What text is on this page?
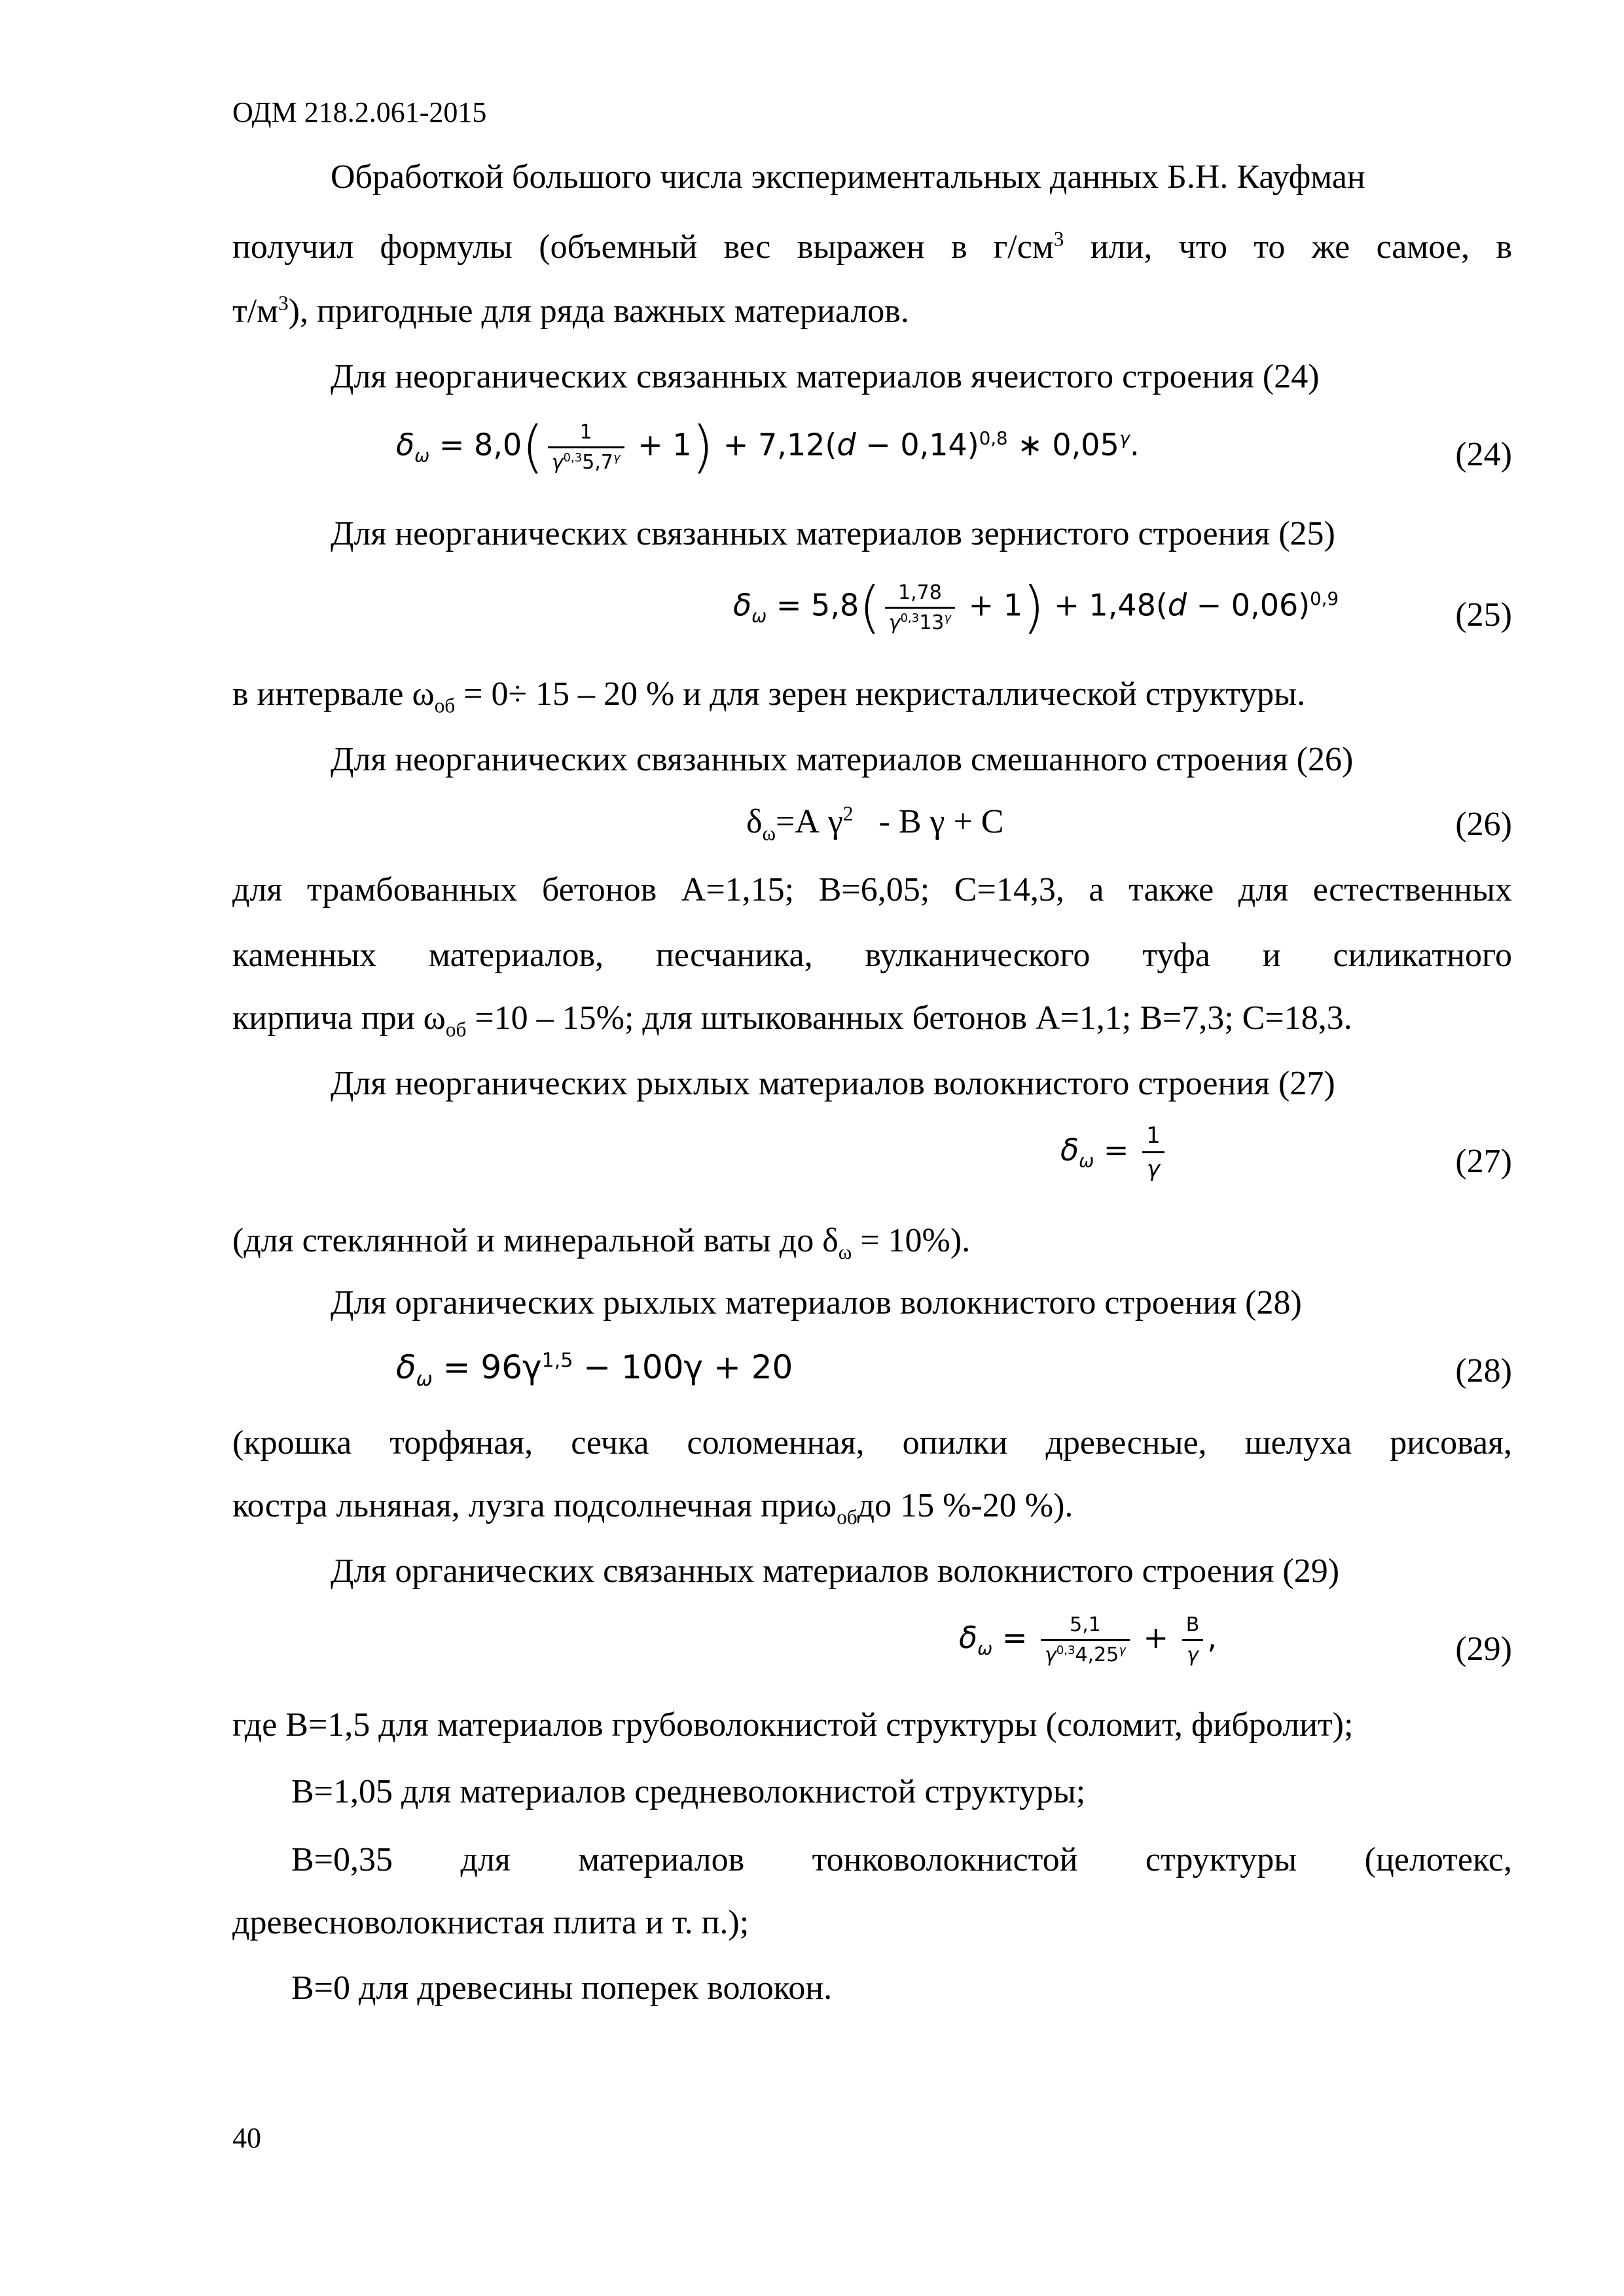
ОДМ 218.2.061-2015
Обработкой большого числа экспериментальных данных Б.Н. Кауфман
получил формулы (объемный вес выражен в $г/см^3$ или, что то же самое, в
$т/м^3$), пригодные для ряда важных материалов.
Для неорганических связанных материалов ячеистого строения (24)
$\delta_\omega = 8,0( \frac{1}{\gamma^{0,3}5,7^\gamma} + 1) + 7,12(d - 0,14)^{0,8}$ ∗ $0,05^\gamma$.	(24)
Для неорганических связанных материалов зернистого строения (25)
$\delta_\omega = 5,8( \frac{1,78}{\gamma^{0,3}13^\gamma} + 1) + 1,48(d - 0,06)^{0,9}$	(25)
в интервале $\omega_{об} = 0\div 15 - 20$ % и для зерен некристаллической структуры.
Для неорганических связанных материалов смешанного строения (26)
$\delta_\omega=А$ $\gamma^2$   - В γ + С	(26)
для трамбованных бетонов А=1,15; В=6,05; С=14,3, а также для естественных
каменных материалов, песчаника, вулканического туфа и силикатного
кирпича при $\omega_{об} =10 - 15\%$; для штыкованных бетонов А=1,1; В=7,3; С=18,3.
Для неорганических рыхлых материалов волокнистого строения (27)
$\delta_\omega = \frac{1}{\gamma}$	(27)
(для стеклянной и минеральной ваты до $\delta_\omega = 10\%$).
Для органических рыхлых материалов волокнистого строения (28)
$\delta_\omega = 96\gamma^{1,5} - 100\gamma + 20$	(28)
(крошка торфяная, сечка соломенная, опилки древесные, шелуха рисовая,
костра льняная, лузга подсолнечная приω$_{об}$до 15 %-20 %).
Для органических связанных материалов волокнистого строения (29)
$\delta_\omega = \frac{5,1}{\gamma^{0,3}4,25^\gamma} + \frac{В}{\gamma}$ ,	(29)
где В=1,5 для материалов грубоволокнистой структуры (соломит, фибролит);
В=1,05 для материалов средневолокнистой структуры;
В=0,35 для материалов тонковолокнистой структуры (целотекс,
древесноволокнистая плита и т. п.);
В=0 для древесины поперек волокон.
40
